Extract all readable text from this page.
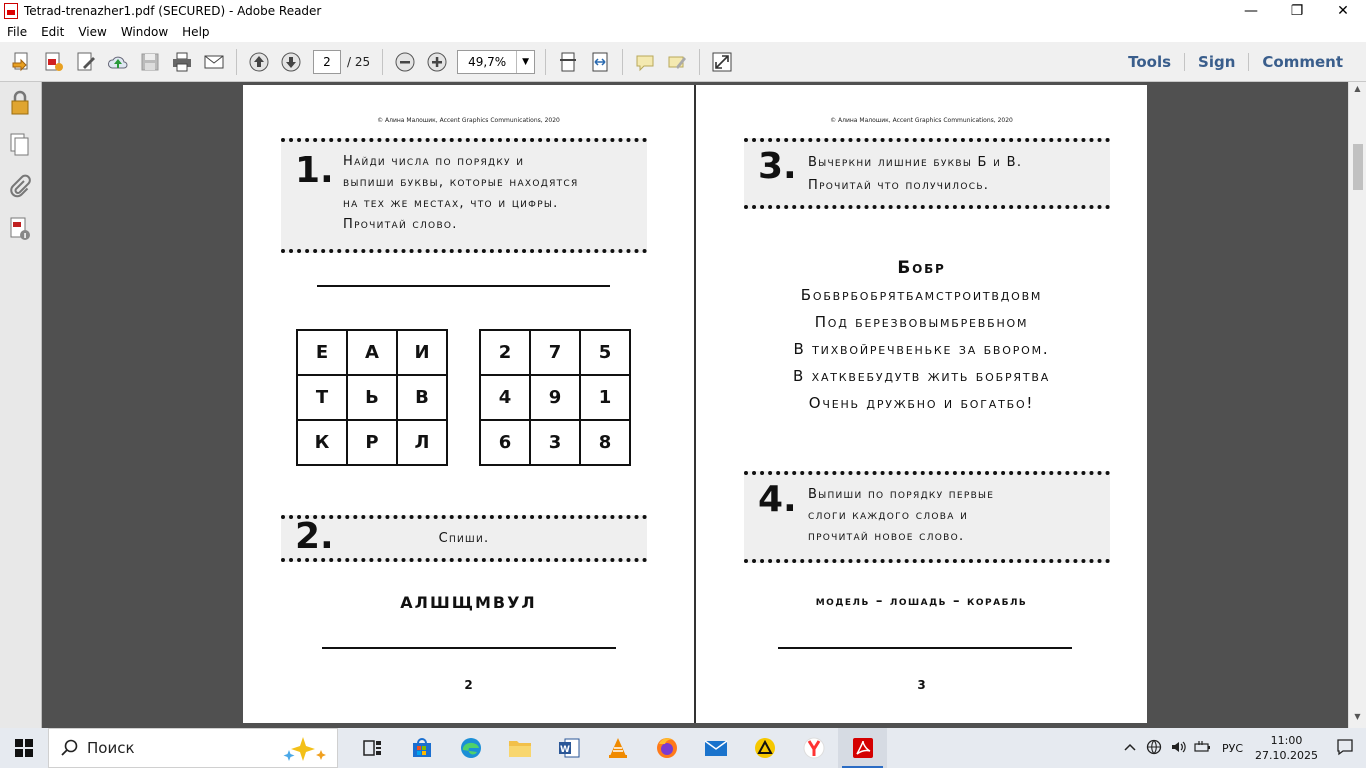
Tetrad-trenazher1.pdf (SECURED) - Adobe Reader	—	❐	✕
File	Edit	View	Window	Help
2	/ 25	49,7%	▼	Tools	Sign	Comment
© Алина Малошик, Accent Graphics Communications, 2020
1. Найди числа по порядку и
выпиши буквы, которые находятся
на тех же местах, что и цифры.
Прочитай слово.
Е	А	И
Т	Ь	В
К	Р	Л
2	7	5
4	9	1
6	3	8
2.	Спиши.
АЛШЩМВУЛ
2
© Алина Малошик, Accent Graphics Communications, 2020
3. Вычеркни лишние буквы Б и В.
Прочитай что получилось.
Бобр
Бобврбобрятбамстроитвдовм
Под березвовымбревбном
В тихвойречвеньке за бвором.
В хатквебудутв жить бобрятва
Очень дружбно и богатбо!
4. Выпиши по порядку первые
слоги каждого слова и
прочитай новое слово.
модель – лошадь – корабль
3
▲
▼
Поиск	W	РУС
11:00
27.10.2025
